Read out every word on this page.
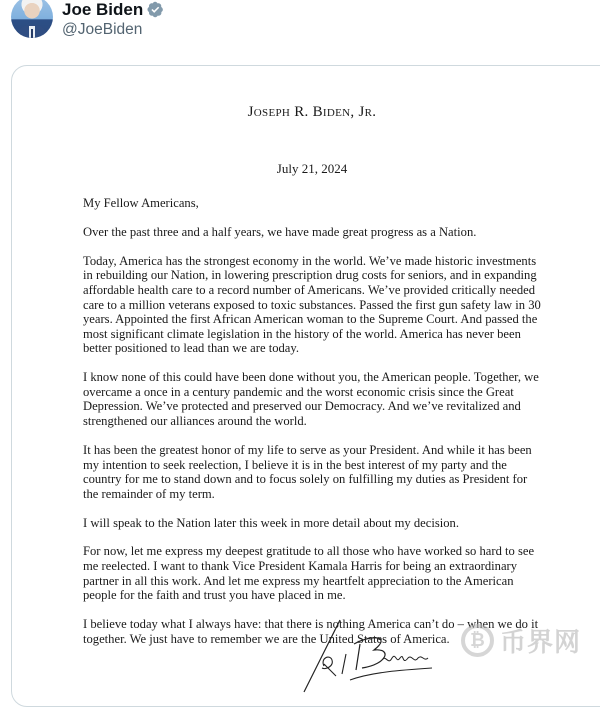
Joe Biden
@JoeBiden
Joseph R. Biden, Jr.
July 21, 2024

My Fellow Americans,

Over the past three and a half years, we have made great progress as a Nation.

Today, America has the strongest economy in the world. We’ve made historic investments in rebuilding our Nation, in lowering prescription drug costs for seniors, and in expanding affordable health care to a record number of Americans. We’ve provided critically needed care to a million veterans exposed to toxic substances. Passed the first gun safety law in 30 years. Appointed the first African American woman to the Supreme Court. And passed the most significant climate legislation in the history of the world. America has never been better positioned to lead than we are today.

I know none of this could have been done without you, the American people. Together, we overcame a once in a century pandemic and the worst economic crisis since the Great Depression. We’ve protected and preserved our Democracy. And we’ve revitalized and strengthened our alliances around the world.

It has been the greatest honor of my life to serve as your President. And while it has been my intention to seek reelection, I believe it is in the best interest of my party and the country for me to stand down and to focus solely on fulfilling my duties as President for the remainder of my term.

I will speak to the Nation later this week in more detail about my decision.

For now, let me express my deepest gratitude to all those who have worked so hard to see me reelected. I want to thank Vice President Kamala Harris for being an extraordinary partner in all this work. And let me express my heartfelt appreciation to the American people for the faith and trust you have placed in me.

I believe today what I always have: that there is nothing America can’t do – when we do it together. We just have to remember we are the United States of America.	₿ 币界网
